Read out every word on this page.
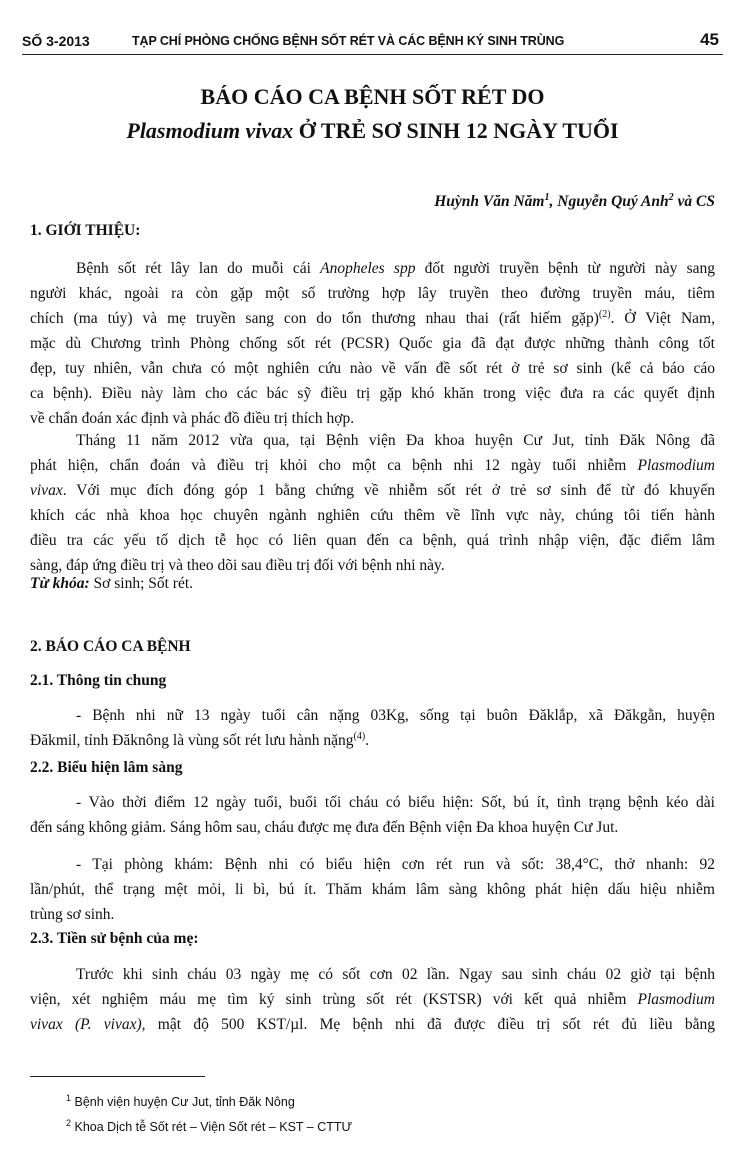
SỐ 3-2013	TẠP CHÍ PHÒNG CHỐNG BỆNH SỐT RÉT VÀ CÁC BỆNH KÝ SINH TRÙNG	45
BÁO CÁO CA BỆNH SỐT RÉT DO
Plasmodium vivax Ở TRẺ SƠ SINH 12 NGÀY TUỔI
Huỳnh Văn Năm$^1$, Nguyễn Quý Anh$^2$ và CS
1. GIỚI THIỆU:
Bệnh sốt rét lây lan do muỗi cái Anopheles spp đốt người truyền bệnh từ người này sang
người khác, ngoài ra còn gặp một số trường hợp lây truyền theo đường truyền máu, tiêm
chích (ma túy) và mẹ truyền sang con do tổn thương nhau thai (rất hiếm gặp)$^{(2)}$. Ở Việt Nam,
mặc dù Chương trình Phòng chống sốt rét (PCSR) Quốc gia đã đạt được những thành công tốt
đẹp, tuy nhiên, vẫn chưa có một nghiên cứu nào về vấn đề sốt rét ở trẻ sơ sinh (kể cả báo cáo
ca bệnh). Điều này làm cho các bác sỹ điều trị gặp khó khăn trong việc đưa ra các quyết định
về chẩn đoán xác định và phác đồ điều trị thích hợp.
Tháng 11 năm 2012 vừa qua, tại Bệnh viện Đa khoa huyện Cư Jut, tỉnh Đăk Nông đã
phát hiện, chẩn đoán và điều trị khỏi cho một ca bệnh nhi 12 ngày tuổi nhiễm Plasmodium
vivax. Với mục đích đóng góp 1 bằng chứng về nhiễm sốt rét ở trẻ sơ sinh để từ đó khuyến
khích các nhà khoa học chuyên ngành nghiên cứu thêm về lĩnh vực này, chúng tôi tiến hành
điều tra các yếu tố dịch tễ học có liên quan đến ca bệnh, quá trình nhập viện, đặc điểm lâm
sàng, đáp ứng điều trị và theo dõi sau điều trị đối với bệnh nhi này.
Từ khóa: Sơ sinh; Sốt rét.
2. BÁO CÁO CA BỆNH
2.1. Thông tin chung
- Bệnh nhi nữ 13 ngày tuổi cân nặng 03Kg, sống tại buôn Đăklắp, xã Đăkgằn, huyện
Đăkmil, tỉnh Đăknông là vùng sốt rét lưu hành nặng$^{(4)}$.
2.2. Biểu hiện lâm sàng
- Vào thời điểm 12 ngày tuổi, buổi tối cháu có biểu hiện: Sốt, bú ít, tình trạng bệnh kéo dài
đến sáng không giảm. Sáng hôm sau, cháu được mẹ đưa đến Bệnh viện Đa khoa huyện Cư Jut.
- Tại phòng khám: Bệnh nhi có biểu hiện cơn rét run và sốt: 38,4°C, thở nhanh: 92
lần/phút, thể trạng mệt mỏi, li bì, bú ít. Thăm khám lâm sàng không phát hiện dấu hiệu nhiễm
trùng sơ sinh.
2.3. Tiền sử bệnh của mẹ:
Trước khi sinh cháu 03 ngày mẹ có sốt cơn 02 lần. Ngay sau sinh cháu 02 giờ tại bệnh
viện, xét nghiệm máu mẹ tìm ký sinh trùng sốt rét (KSTSR) với kết quả nhiễm Plasmodium
vivax (P. vivax), mật độ 500 KST/µl. Mẹ bệnh nhi đã được điều trị sốt rét đủ liều bằng
$^1$ Bệnh viện huyện Cư Jut, tỉnh Đăk Nông
$^2$ Khoa Dịch tễ Sốt rét – Viện Sốt rét – KST – CTTƯ
